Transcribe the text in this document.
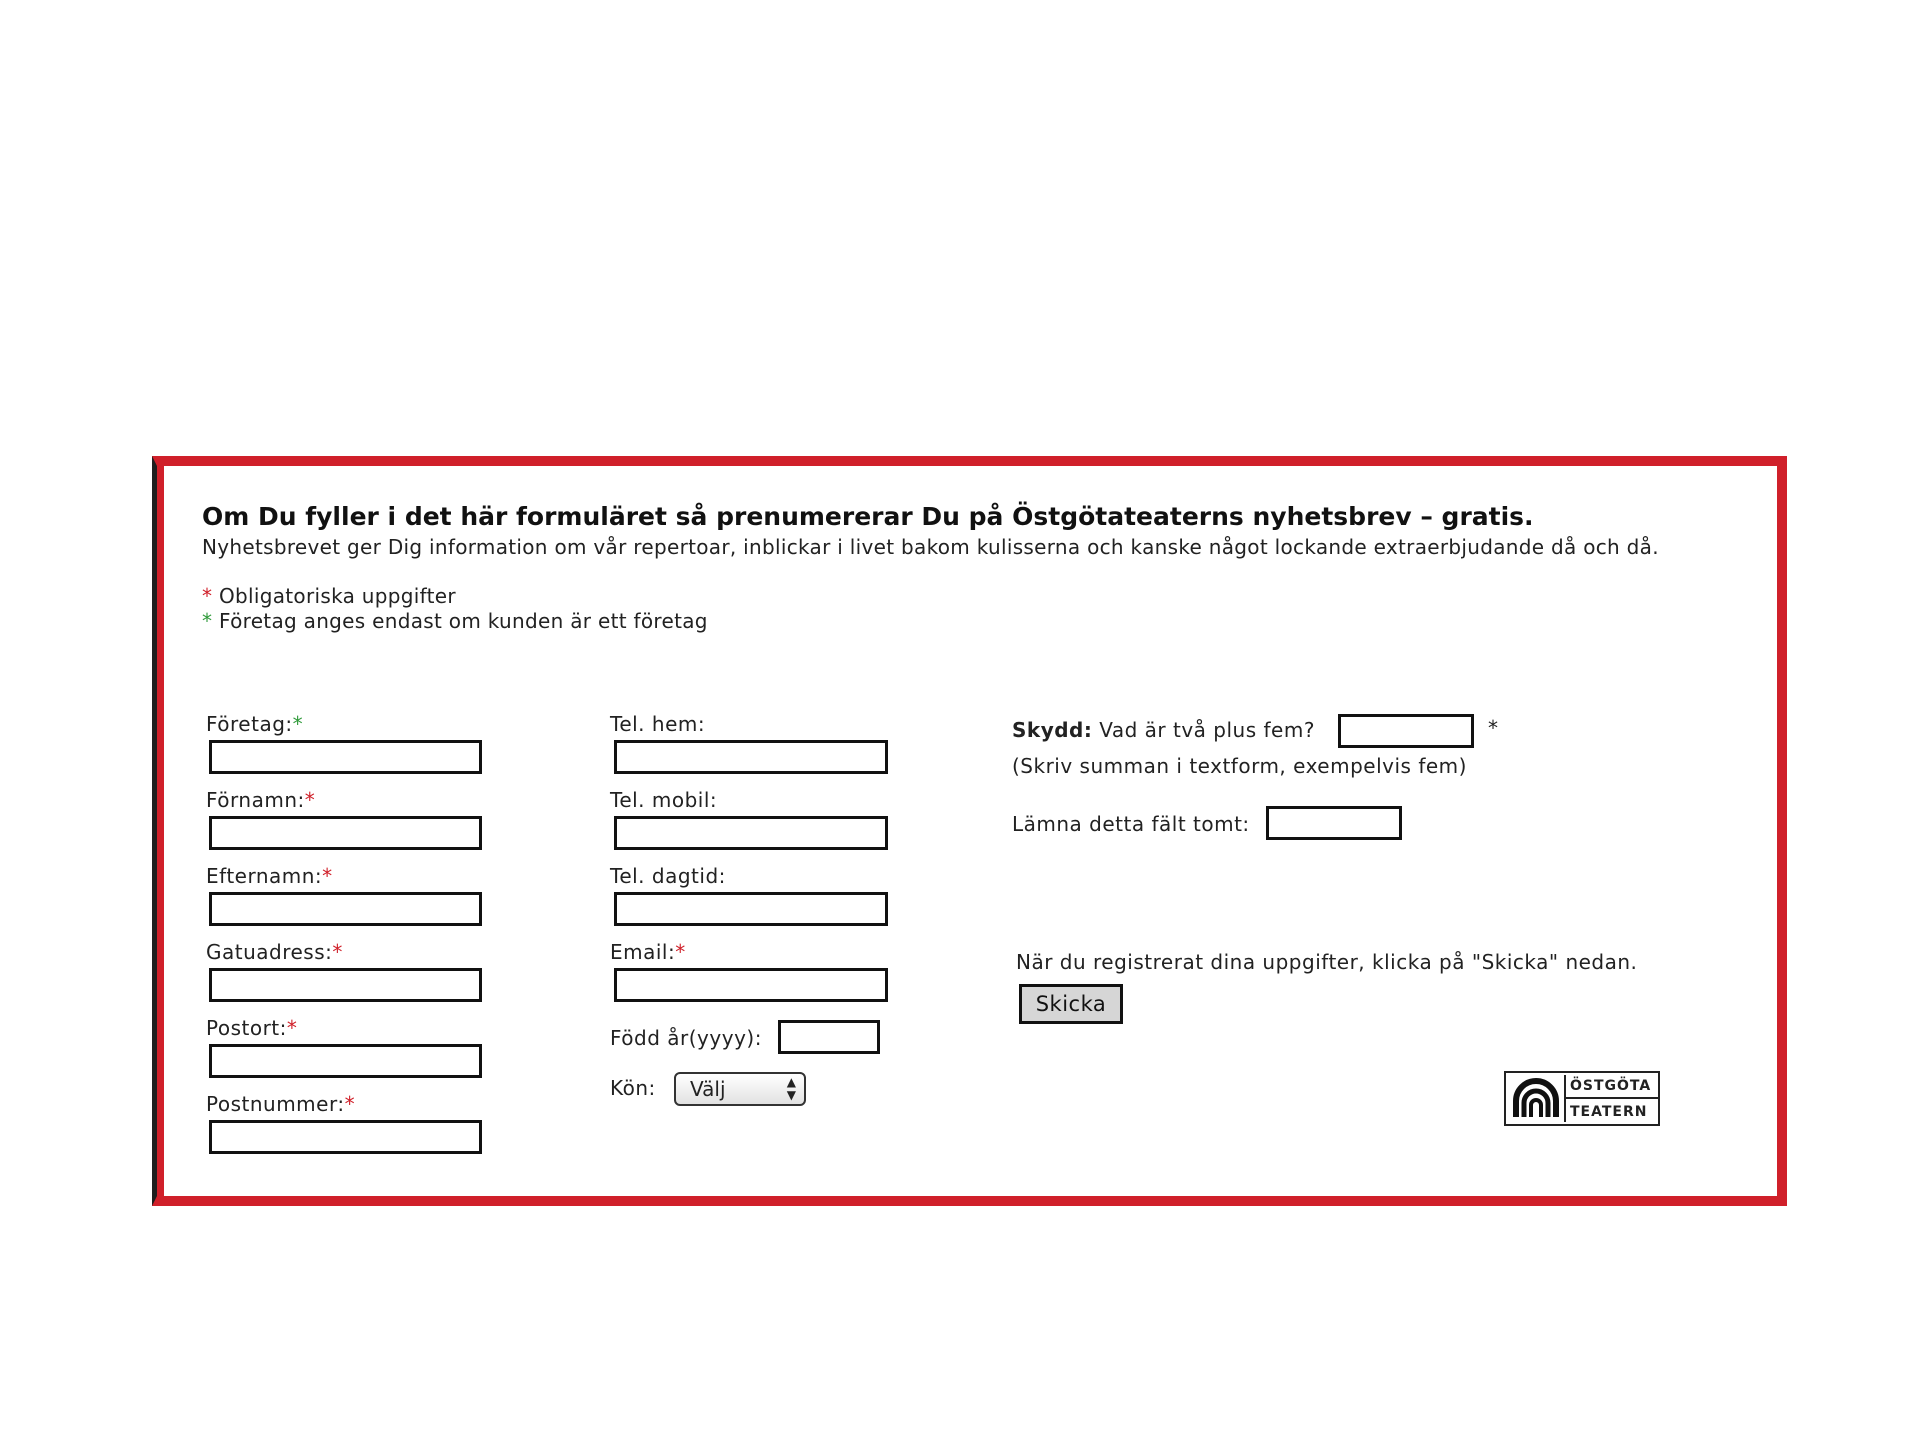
Om Du fyller i det här formuläret så prenumererar Du på Östgötateaterns nyhetsbrev – gratis.
Nyhetsbrevet ger Dig information om vår repertoar, inblickar i livet bakom kulisserna och kanske något lockande extraerbjudande då och då.
* Obligatoriska uppgifter
* Företag anges endast om kunden är ett företag
Företag:*
Förnamn:*
Efternamn:*
Gatuadress:*
Postort:*
Postnummer:*
Tel. hem:
Tel. mobil:
Tel. dagtid:
Email:*
Född år(yyyy):
Kön: Välj	▲
▼
Skydd: Vad är två plus fem?	*
(Skriv summan i textform, exempelvis fem)
Lämna detta fält tomt:
När du registrerat dina uppgifter, klicka på "Skicka" nedan.
Skicka
ÖSTGÖTA
TEATERN
